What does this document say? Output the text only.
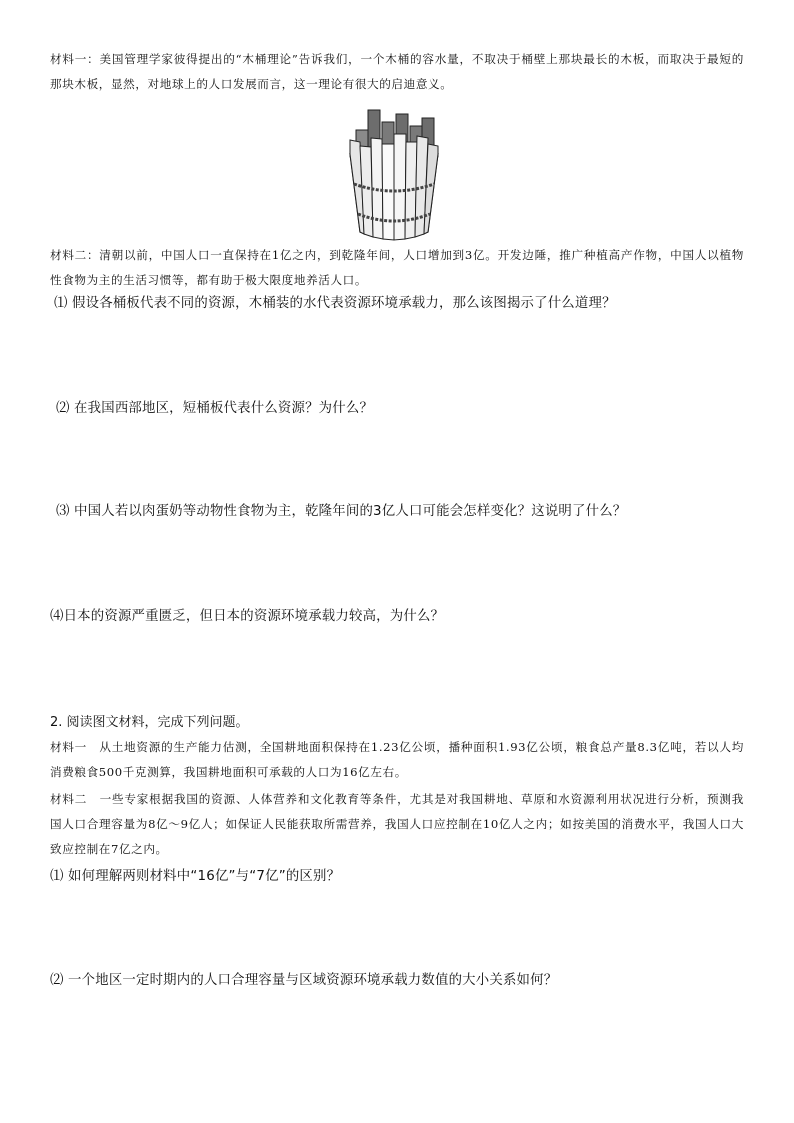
材料一：美国管理学家彼得提出的“木桶理论”告诉我们，一个木桶的容水量，不取决于桶壁上那块最长的木板，而取决于最短的那块木板，显然，对地球上的人口发展而言，这一理论有很大的启迪意义。
材料二：清朝以前，中国人口一直保持在1亿之内，到乾隆年间，人口增加到3亿。开发边陲，推广种植高产作物，中国人以植物性食物为主的生活习惯等，都有助于极大限度地养活人口。
⑴ 假设各桶板代表不同的资源，木桶装的水代表资源环境承载力，那么该图揭示了什么道理？
⑵ 在我国西部地区，短桶板代表什么资源？为什么？
⑶ 中国人若以肉蛋奶等动物性食物为主，乾隆年间的3亿人口可能会怎样变化？这说明了什么？
⑷日本的资源严重匮乏，但日本的资源环境承载力较高，为什么？
2. 阅读图文材料，完成下列问题。
材料一　从土地资源的生产能力估测，全国耕地面积保持在1.23亿公顷，播种面积1.93亿公顷，粮食总产量8.3亿吨，若以人均消费粮食500千克测算，我国耕地面积可承载的人口为16亿左右。
材料二　一些专家根据我国的资源、人体营养和文化教育等条件，尤其是对我国耕地、草原和水资源利用状况进行分析，预测我国人口合理容量为8亿～9亿人；如保证人民能获取所需营养，我国人口应控制在10亿人之内；如按美国的消费水平，我国人口大致应控制在7亿之内。
⑴ 如何理解两则材料中“16亿”与“7亿”的区别？
⑵ 一个地区一定时期内的人口合理容量与区域资源环境承载力数值的大小关系如何？
